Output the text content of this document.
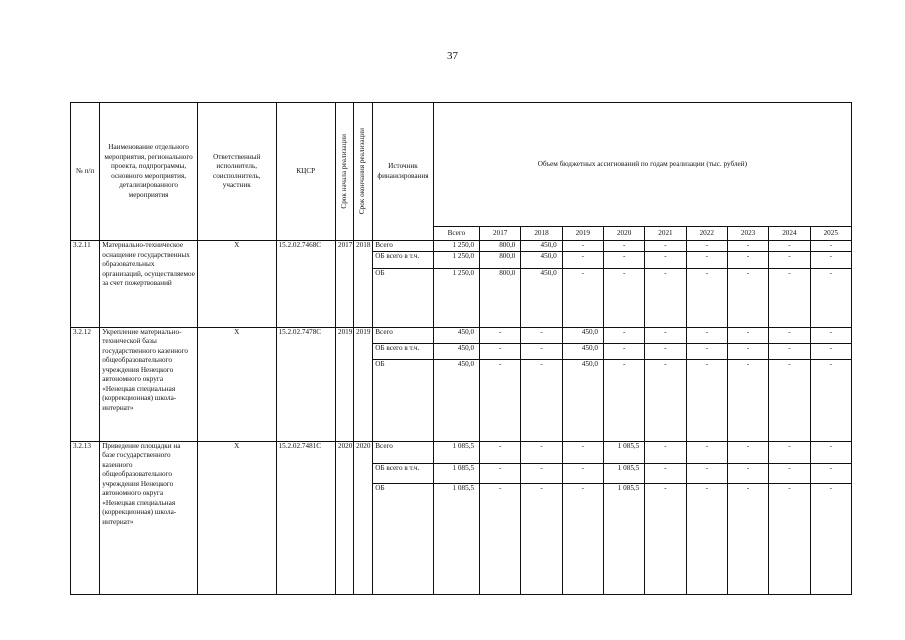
37
№ п/п	Наименование отдельного мероприятия, регионального проекта, подпрограммы, основного мероприятия, детализированного мероприятия	Ответственный исполнитель, соисполнитель, участник	КЦСР	Срок начала реализации	Срок окончания реализации	Источник финансирования	Объем бюджетных ассигнований по годам реализации (тыс. рублей)									
							Всего	2017	2018	2019	2020	2021	2022	2023	2024	2025
3.2.11	Материально-техническое оснащение государственных образовательных организаций, осуществляемое за счет пожертвований	Х	15.2.02.7468С	2017	2018	Всего	1 250,0	800,0	450,0	-	-	-	-	-	-	-
						ОБ всего в т.ч.	1 250,0	800,0	450,0	-	-	-	-	-	-	-
						ОБ	1 250,0	800,0	450,0	-	-	-	-	-	-	-
3.2.12	Укрепление материально-технической базы государственного казенного общеобразовательного учреждения Ненецкого автономного округа «Ненецкая специальная (коррекционная) школа-интернат»	Х	15.2.02.7478С	2019	2019	Всего	450,0	-	-	450,0	-	-	-	-	-	-
						ОБ всего в т.ч.	450,0	-	-	450,0	-	-	-	-	-	-
						ОБ	450,0	-	-	450,0	-	-	-	-	-	-
3.2.13	Приведение площадки на базе государственного казенного общеобразовательного учреждения Ненецкого автономного округа «Ненецкая специальная (коррекционная) школа-интернат»	Х	15.2.02.7481С	2020	2020	Всего	1 085,5	-	-	-	1 085,5	-	-	-	-	-
						ОБ всего в т.ч.	1 085,5	-	-	-	1 085,5	-	-	-	-	-
						ОБ	1 085,5	-	-	-	1 085,5	-	-	-	-	-
